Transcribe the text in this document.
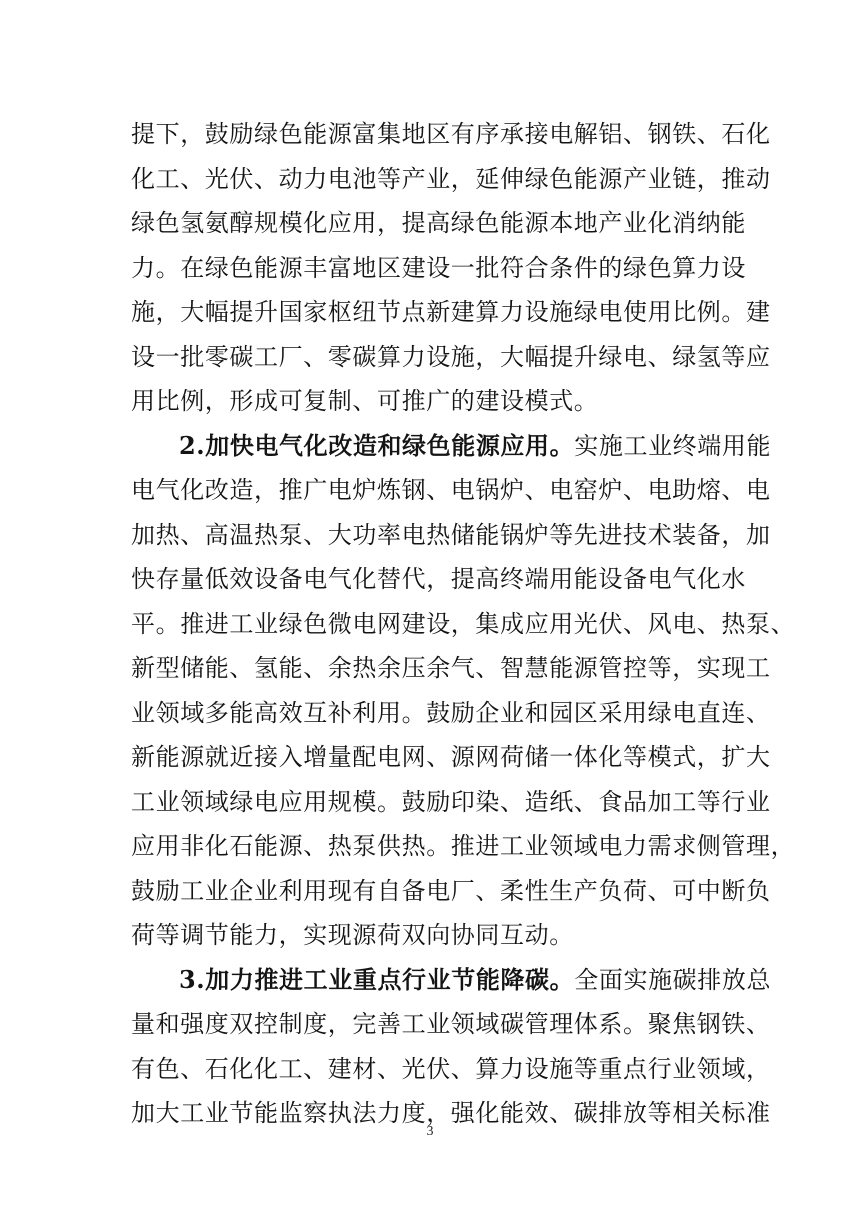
提下，鼓励绿色能源富集地区有序承接电解铝、钢铁、石化
化工、光伏、动力电池等产业，延伸绿色能源产业链，推动
绿色氢氨醇规模化应用，提高绿色能源本地产业化消纳能
力。在绿色能源丰富地区建设一批符合条件的绿色算力设
施，大幅提升国家枢纽节点新建算力设施绿电使用比例。建
设一批零碳工厂、零碳算力设施，大幅提升绿电、绿氢等应
用比例，形成可复制、可推广的建设模式。
2.加快电气化改造和绿色能源应用。实施工业终端用能
电气化改造，推广电炉炼钢、电锅炉、电窑炉、电助熔、电
加热、高温热泵、大功率电热储能锅炉等先进技术装备，加
快存量低效设备电气化替代，提高终端用能设备电气化水
平。推进工业绿色微电网建设，集成应用光伏、风电、热泵、
新型储能、氢能、余热余压余气、智慧能源管控等，实现工
业领域多能高效互补利用。鼓励企业和园区采用绿电直连、
新能源就近接入增量配电网、源网荷储一体化等模式，扩大
工业领域绿电应用规模。鼓励印染、造纸、食品加工等行业
应用非化石能源、热泵供热。推进工业领域电力需求侧管理，
鼓励工业企业利用现有自备电厂、柔性生产负荷、可中断负
荷等调节能力，实现源荷双向协同互动。
3.加力推进工业重点行业节能降碳。全面实施碳排放总
量和强度双控制度，完善工业领域碳管理体系。聚焦钢铁、
有色、石化化工、建材、光伏、算力设施等重点行业领域，
加大工业节能监察执法力度，强化能效、碳排放等相关标准
3
